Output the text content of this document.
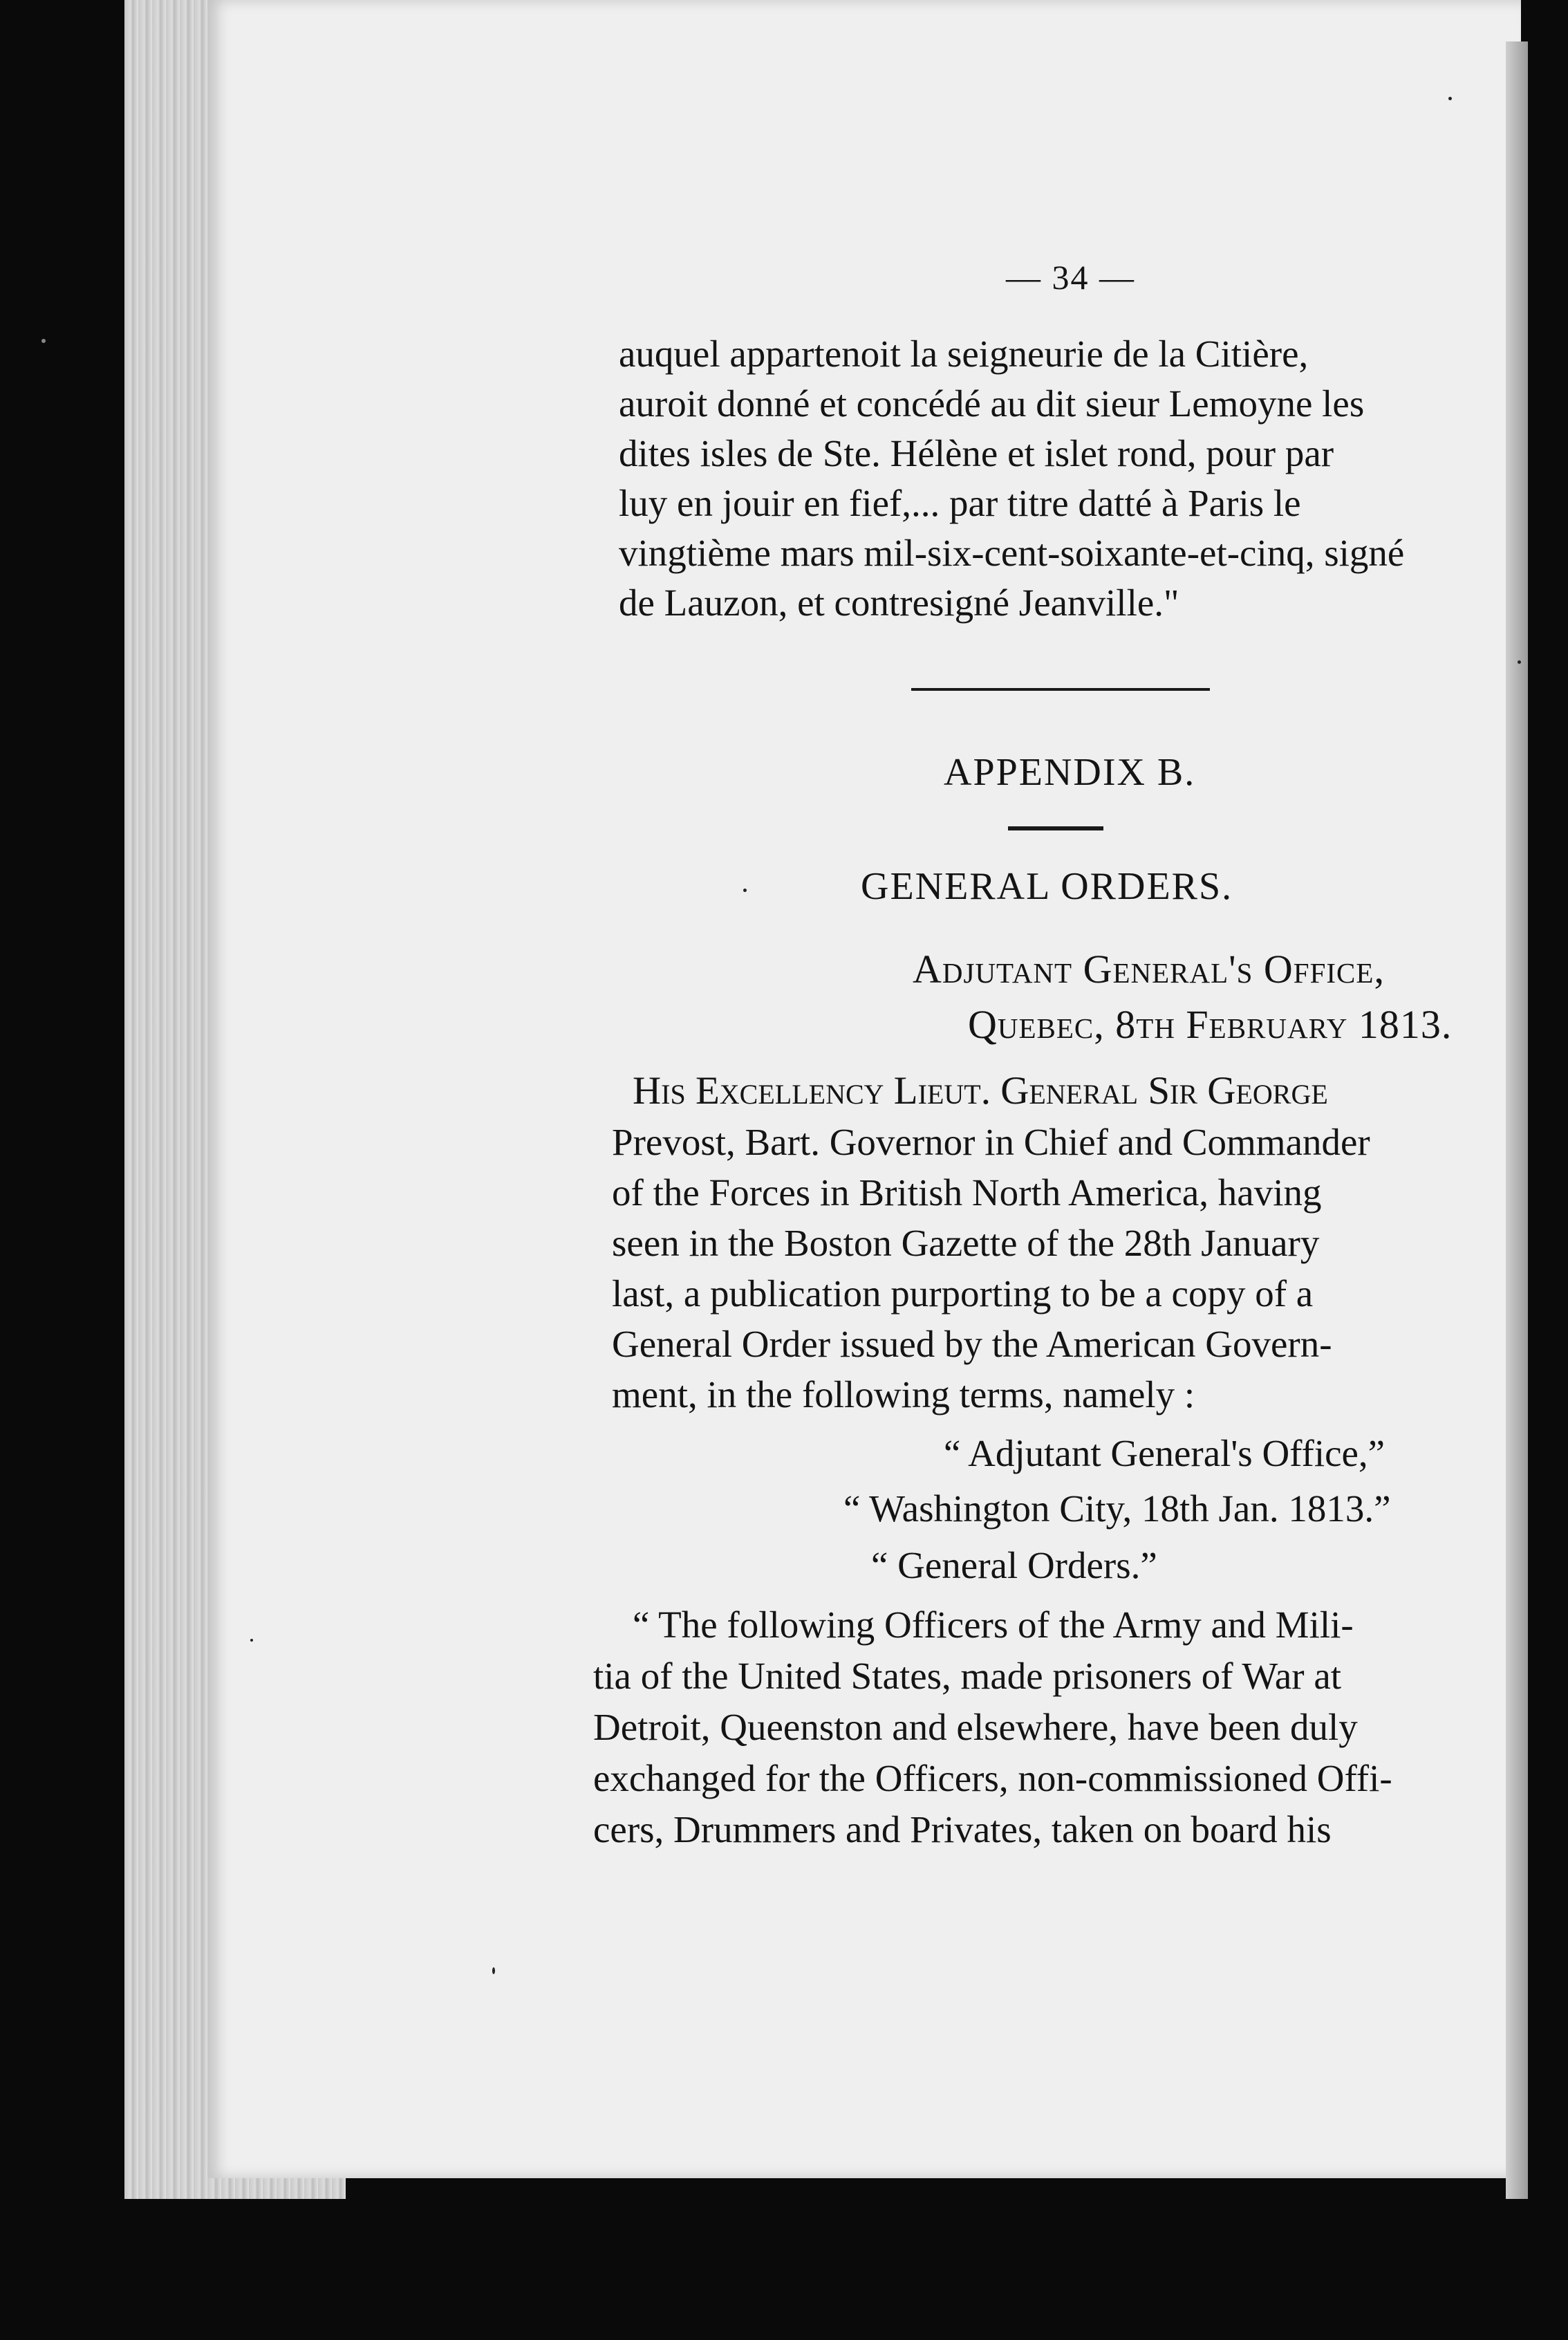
— 34 —
auquel appartenoit la seigneurie de la Citière,
auroit donné et concédé au dit sieur Lemoyne les
dites isles de Ste. Hélène et islet rond, pour par
luy en jouir en fief,... par titre datté à Paris le
vingtième mars mil-six-cent-soixante-et-cinq, signé
de Lauzon, et contresigné Jeanville."
APPENDIX B.
GENERAL ORDERS.
Adjutant General's Office,
Quebec, 8th February 1813.
His Excellency Lieut. General Sir George
Prevost, Bart. Governor in Chief and Commander
of the Forces in British North America, having
seen in the Boston Gazette of the 28th January
last, a publication purporting to be a copy of a
General Order issued by the American Govern-
ment, in the following terms, namely :
“ Adjutant General's Office,”
“ Washington City, 18th Jan. 1813.”
“ General Orders.”
“ The following Officers of the Army and Mili-
tia of the United States, made prisoners of War at
Detroit, Queenston and elsewhere, have been duly
exchanged for the Officers, non-commissioned Offi-
cers, Drummers and Privates, taken on board his
